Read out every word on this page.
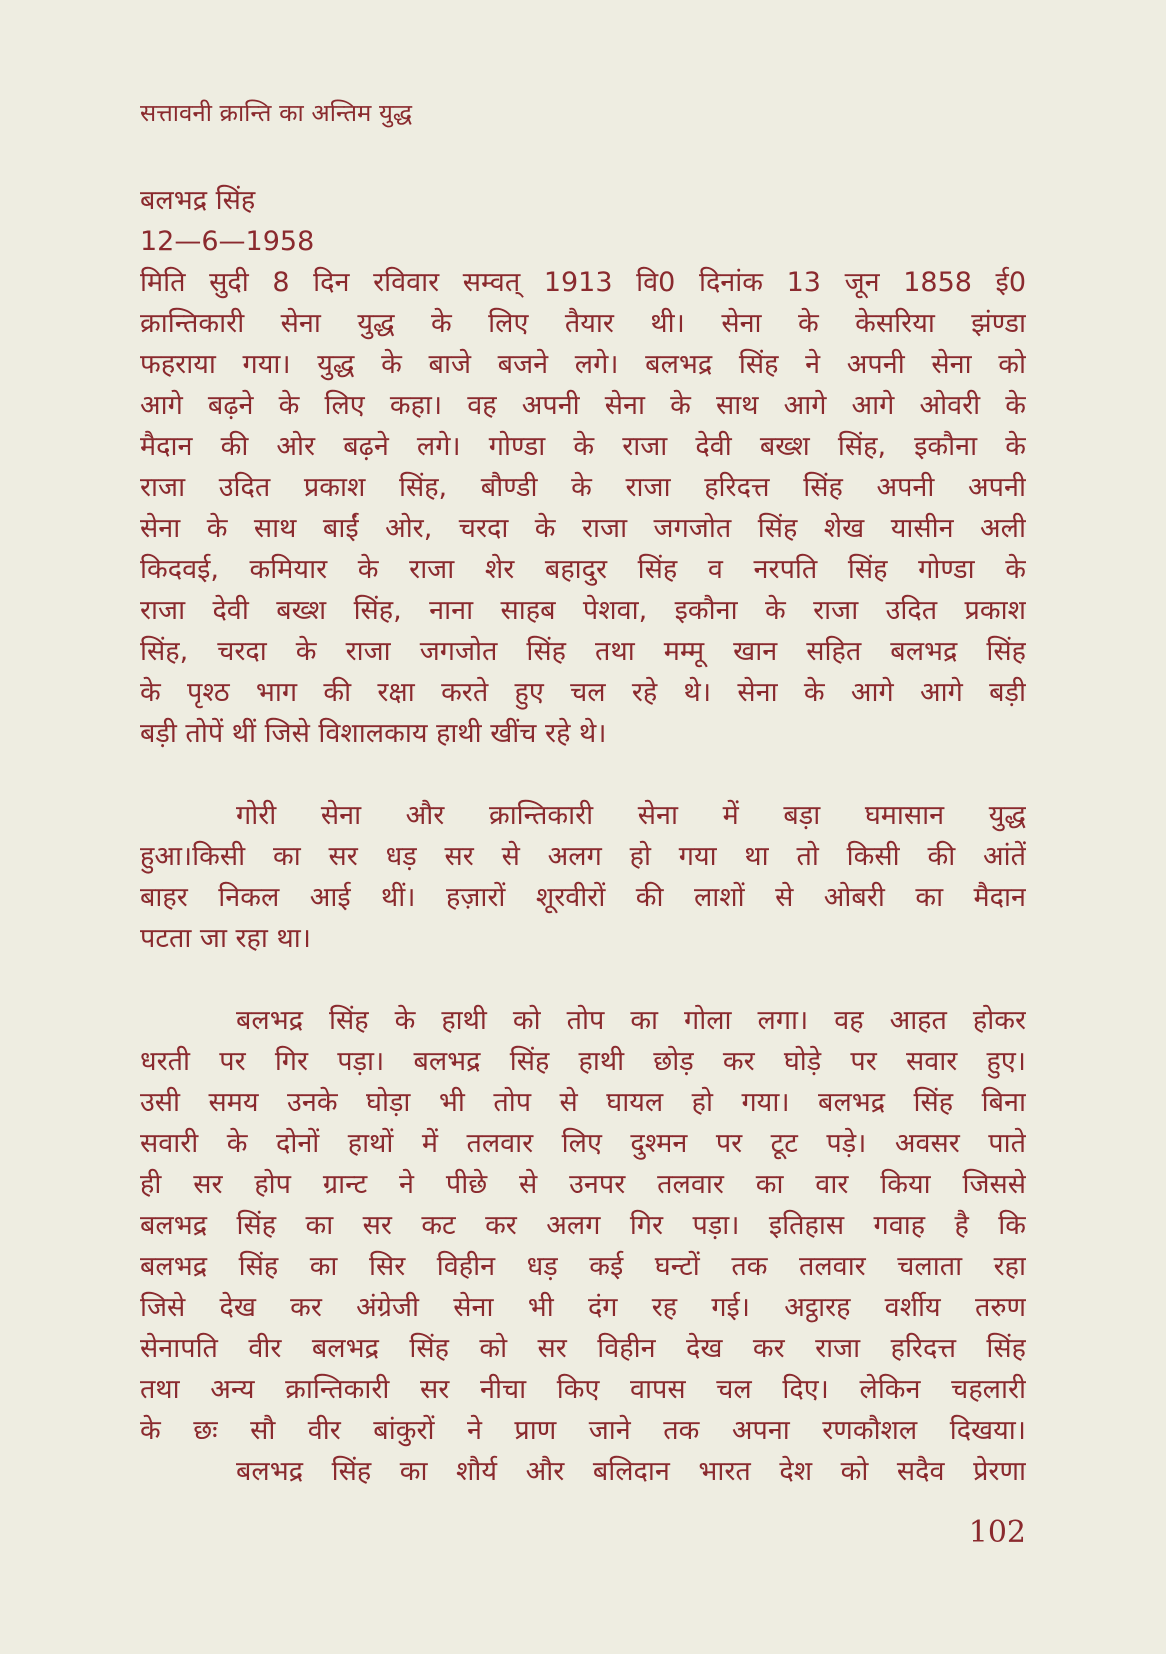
सत्तावनी क्रान्ति का अन्तिम युद्ध
बलभद्र सिंह
12—6—1958
मिति सुदी 8 दिन रविवार सम्वत् 1913 वि0 दिनांक 13 जून 1858 ई0
क्रान्तिकारी सेना युद्ध के लिए तैयार थी। सेना के केसरिया झंण्डा
फहराया गया। युद्ध के बाजे बजने लगे। बलभद्र सिंह ने अपनी सेना को
आगे बढ़ने के लिए कहा। वह अपनी सेना के साथ आगे आगे ओवरी के
मैदान की ओर बढ़ने लगे। गोण्डा के राजा देवी बख्श सिंह, इकौना के
राजा उदित प्रकाश सिंह, बौण्डी के राजा हरिदत्त सिंह अपनी अपनी
सेना के साथ बाईं ओर, चरदा के राजा जगजोत सिंह शेख यासीन अली
किदवई, कमियार के राजा शेर बहादुर सिंह व नरपति सिंह गोण्डा के
राजा देवी बख्श सिंह, नाना साहब पेशवा, इकौना के राजा उदित प्रकाश
सिंह, चरदा के राजा जगजोत सिंह तथा मम्मू खान सहित बलभद्र सिंह
के पृश्ठ भाग की रक्षा करते हुए चल रहे थे। सेना के आगे आगे बड़ी
बड़ी तोपें थीं जिसे विशालकाय हाथी खींच रहे थे।
गोरी सेना और क्रान्तिकारी सेना में बड़ा घमासान युद्ध
हुआ।किसी का सर धड़ सर से अलग हो गया था तो किसी की आंतें
बाहर निकल आई थीं। हज़ारों शूरवीरों की लाशों से ओबरी का मैदान
पटता जा रहा था।
बलभद्र सिंह के हाथी को तोप का गोला लगा। वह आहत होकर
धरती पर गिर पड़ा। बलभद्र सिंह हाथी छोड़ कर घोड़े पर सवार हुए।
उसी समय उनके घोड़ा भी तोप से घायल हो गया। बलभद्र सिंह बिना
सवारी के दोनों हाथों में तलवार लिए दुश्मन पर टूट पड़े। अवसर पाते
ही सर होप ग्रान्ट ने पीछे से उनपर तलवार का वार किया जिससे
बलभद्र सिंह का सर कट कर अलग गिर पड़ा। इतिहास गवाह है कि
बलभद्र सिंह का सिर विहीन धड़ कई घन्टों तक तलवार चलाता रहा
जिसे देख कर अंग्रेजी सेना भी दंग रह गई। अट्ठारह वर्शीय तरुण
सेनापति वीर बलभद्र सिंह को सर विहीन देख कर राजा हरिदत्त सिंह
तथा अन्य क्रान्तिकारी सर नीचा किए वापस चल दिए। लेकिन चहलारी
के छः सौ वीर बांकुरों ने प्राण जाने तक अपना रणकौशल दिखया।
बलभद्र सिंह का शौर्य और बलिदान भारत देश को सदैव प्रेरणा
102
